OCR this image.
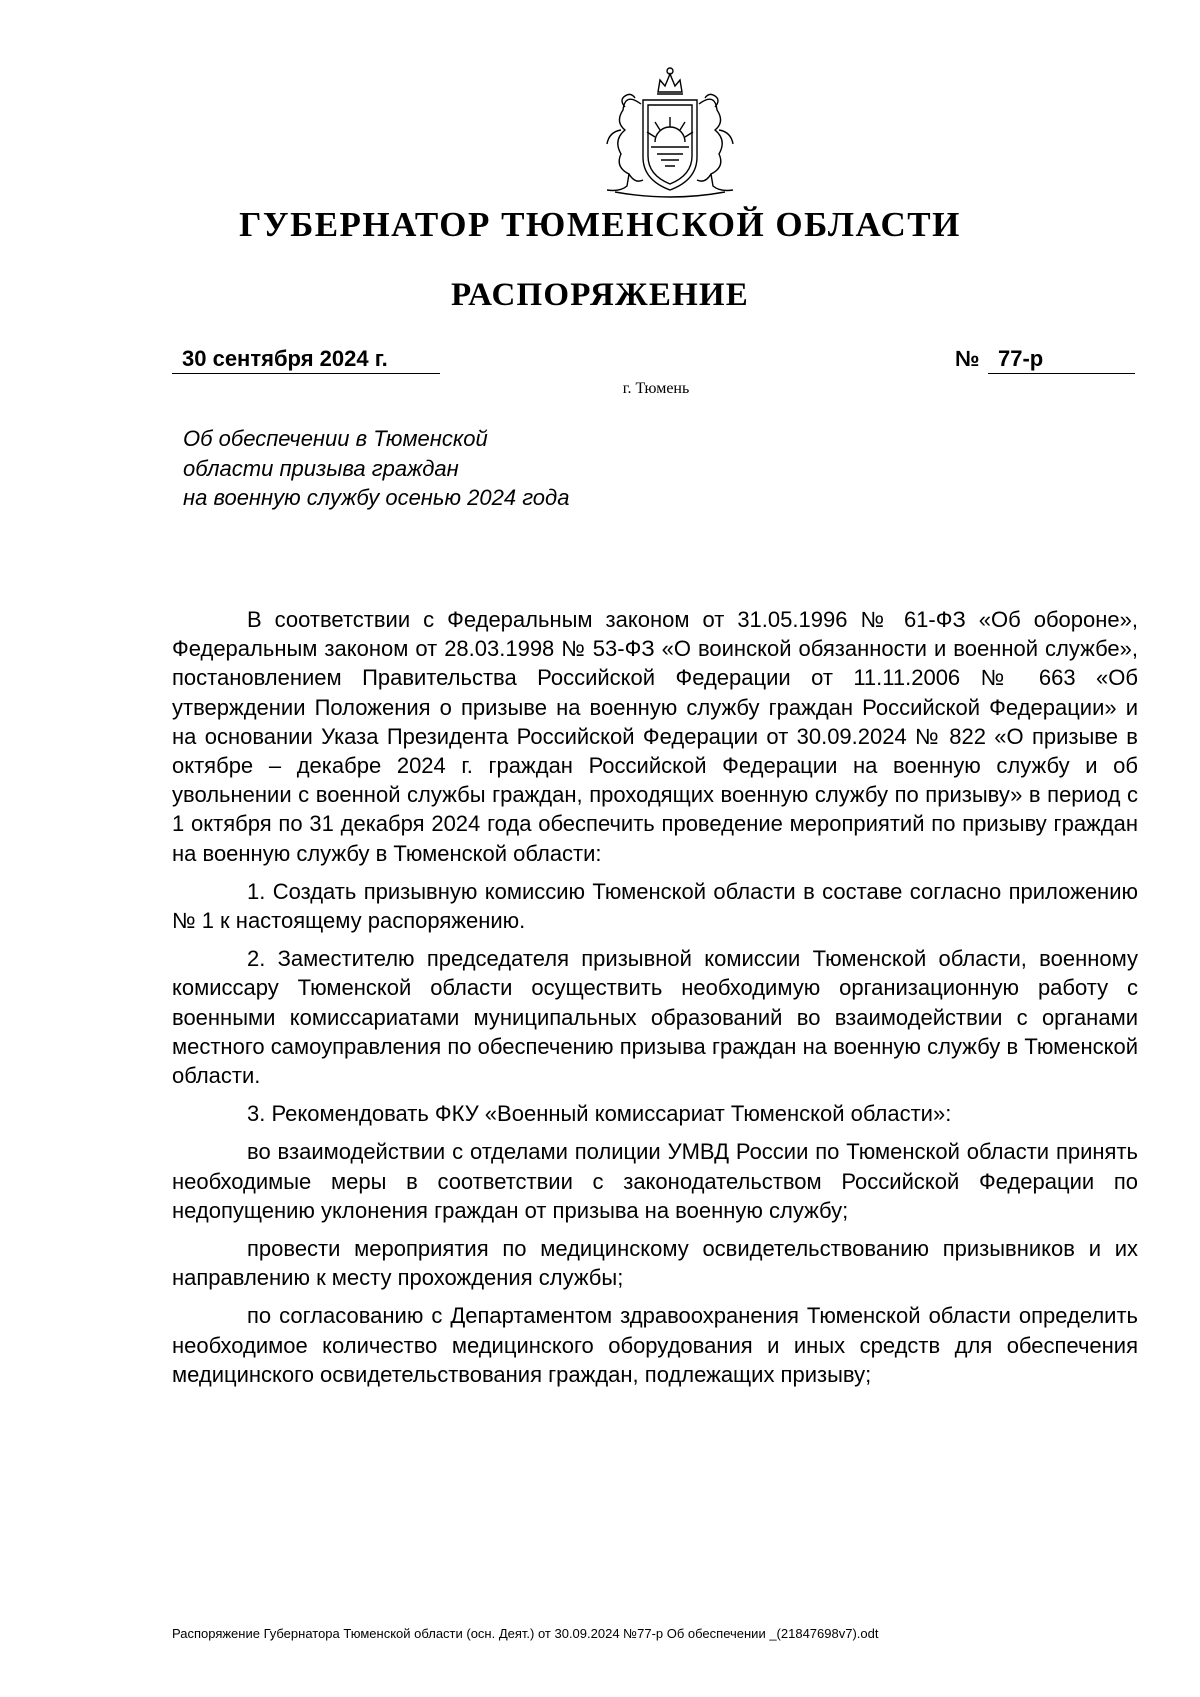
ГУБЕРНАТОР ТЮМЕНСКОЙ ОБЛАСТИ
РАСПОРЯЖЕНИЕ
30 сентября 2024 г.	№ 77-р
г. Тюмень
Об обеспечении в Тюменской
области призыва граждан
на военную службу осенью 2024 года

В соответствии с Федеральным законом от 31.05.1996 № 61-ФЗ «Об обороне», Федеральным законом от 28.03.1998 № 53-ФЗ «О воинской обязанности и военной службе», постановлением Правительства Российской Федерации от 11.11.2006 № 663 «Об утверждении Положения о призыве на военную службу граждан Российской Федерации» и на основании Указа Президента Российской Федерации от 30.09.2024 № 822 «О призыве в октябре – декабре 2024 г. граждан Российской Федерации на военную службу и об увольнении с военной службы граждан, проходящих военную службу по призыву» в период с 1 октября по 31 декабря 2024 года обеспечить проведение мероприятий по призыву граждан на военную службу в Тюменской области:

1. Создать призывную комиссию Тюменской области в составе согласно приложению № 1 к настоящему распоряжению.

2. Заместителю председателя призывной комиссии Тюменской области, военному комиссару Тюменской области осуществить необходимую организационную работу с военными комиссариатами муниципальных образований во взаимодействии с органами местного самоуправления по обеспечению призыва граждан на военную службу в Тюменской области.

3. Рекомендовать ФКУ «Военный комиссариат Тюменской области»:

во взаимодействии с отделами полиции УМВД России по Тюменской области принять необходимые меры в соответствии с законодательством Российской Федерации по недопущению уклонения граждан от призыва на военную службу;

провести мероприятия по медицинскому освидетельствованию призывников и их направлению к месту прохождения службы;

по согласованию с Департаментом здравоохранения Тюменской области определить необходимое количество медицинского оборудования и иных средств для обеспечения медицинского освидетельствования граждан, подлежащих призыву;

Распоряжение Губернатора Тюменской области (осн. Деят.) от 30.09.2024 №77-р Об обеспечении _(21847698v7).odt
